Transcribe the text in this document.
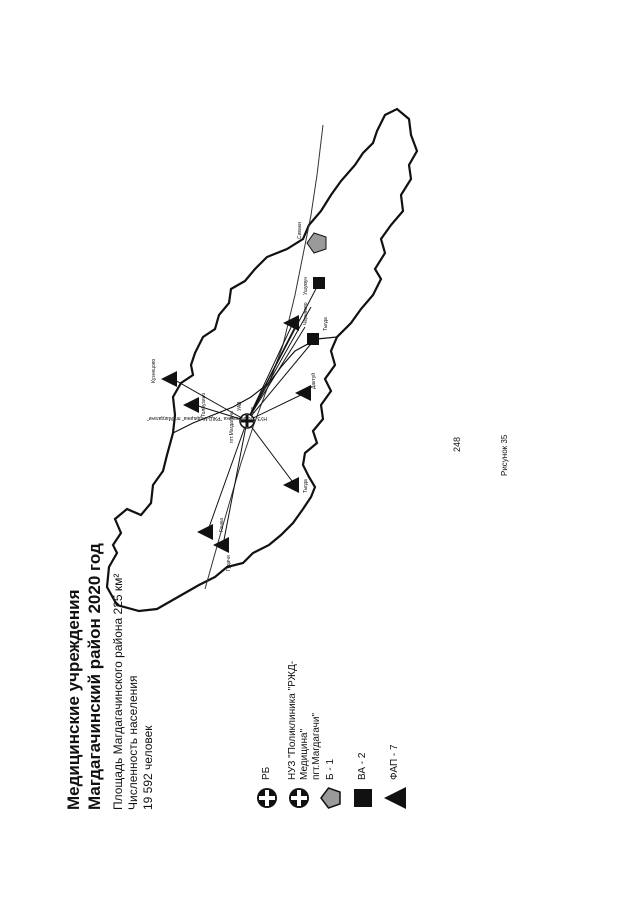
248	Рисунок 35
Медицинские учреждения Магдагачинский район 2020 год Площадь Магдагачинского района 225 км² Численность населения 19 592 человек	РБ НУЗ "Поликлиника "РЖД-Медицина" пгт.Магдагачи" Б - 1	ВА - 2	ФАП - 7
Гудачи
Гонжа
Тыгда
пгт.Магдагачи
РБ
УАВ
НУЗ "Поликлиника "РЖД-Медицина" пгт.Магдагачи"
Дактуй
Толбузино
Кузнецово
Тыгда
Черняево
Ушумун
Сиваки
